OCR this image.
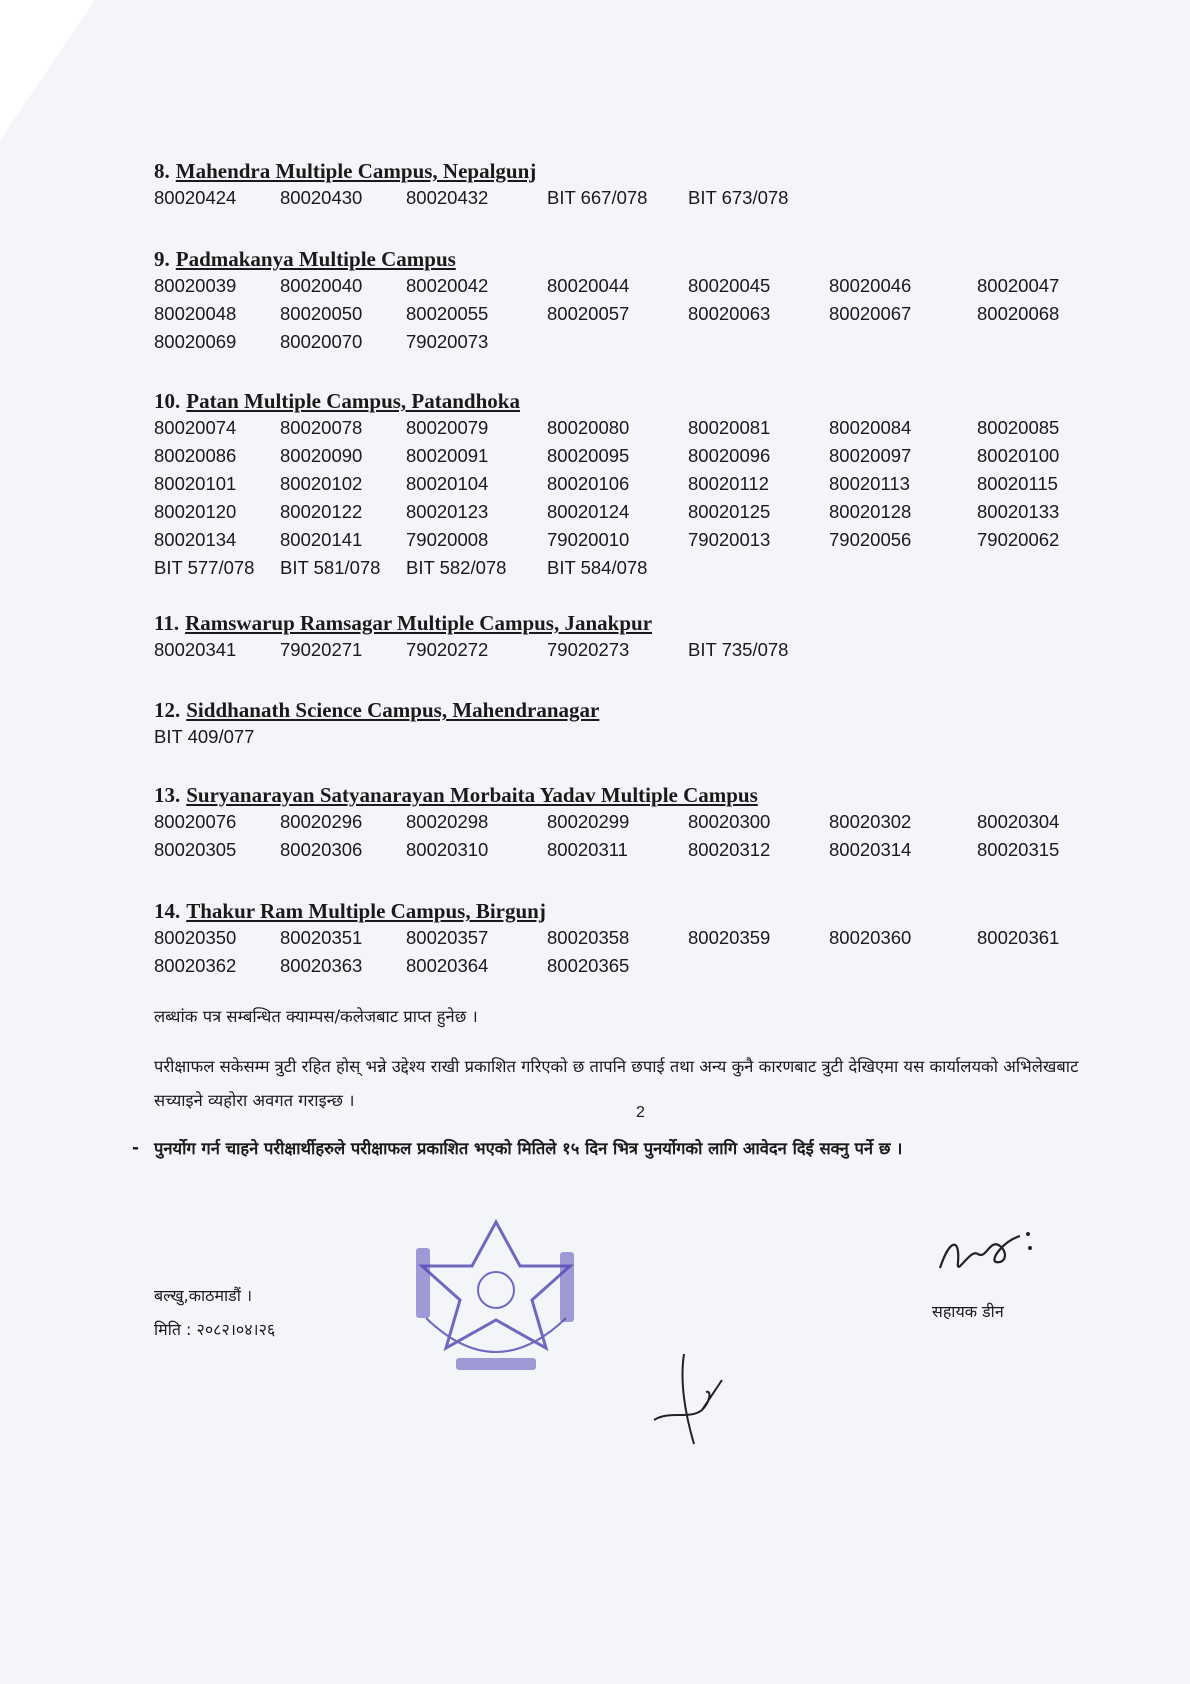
8. Mahendra Multiple Campus, Nepalgunj
80020424	80020430	80020432	BIT 667/078	BIT 673/078
9. Padmakanya Multiple Campus
80020039	80020040	80020042	80020044	80020045	80020046	80020047
80020048	80020050	80020055	80020057	80020063	80020067	80020068
80020069	80020070	79020073
10. Patan Multiple Campus, Patandhoka
80020074	80020078	80020079	80020080	80020081	80020084	80020085
80020086	80020090	80020091	80020095	80020096	80020097	80020100
80020101	80020102	80020104	80020106	80020112	80020113	80020115
80020120	80020122	80020123	80020124	80020125	80020128	80020133
80020134	80020141	79020008	79020010	79020013	79020056	79020062
BIT 577/078	BIT 581/078	BIT 582/078	BIT 584/078
11. Ramswarup Ramsagar Multiple Campus, Janakpur
80020341	79020271	79020272	79020273	BIT 735/078
12. Siddhanath Science Campus, Mahendranagar
BIT 409/077
13. Suryanarayan Satyanarayan Morbaita Yadav Multiple Campus
80020076	80020296	80020298	80020299	80020300	80020302	80020304
80020305	80020306	80020310	80020311	80020312	80020314	80020315
14. Thakur Ram Multiple Campus, Birgunj
80020350	80020351	80020357	80020358	80020359	80020360	80020361
80020362	80020363	80020364	80020365
लब्धांक पत्र सम्बन्धित क्याम्पस/कलेजबाट प्राप्त हुनेछ ।
परीक्षाफल सकेसम्म त्रुटी रहित होस् भन्ने उद्देश्य राखी प्रकाशित गरिएको छ तापनि छपाई तथा अन्य कुनै कारणबाट त्रुटी देखिएमा यस कार्यालयको अभिलेखबाट सच्याइने व्यहोरा अवगत गराइन्छ ।
- पुनर्योग गर्न चाहने परीक्षार्थीहरुले परीक्षाफल प्रकाशित भएको मितिले १५ दिन भित्र पुनर्योगको लागि आवेदन दिई सक्नु पर्ने छ ।
बल्खु,काठमाडौं ।
मिति : २०८२।०४।२६
सहायक डीन
2
